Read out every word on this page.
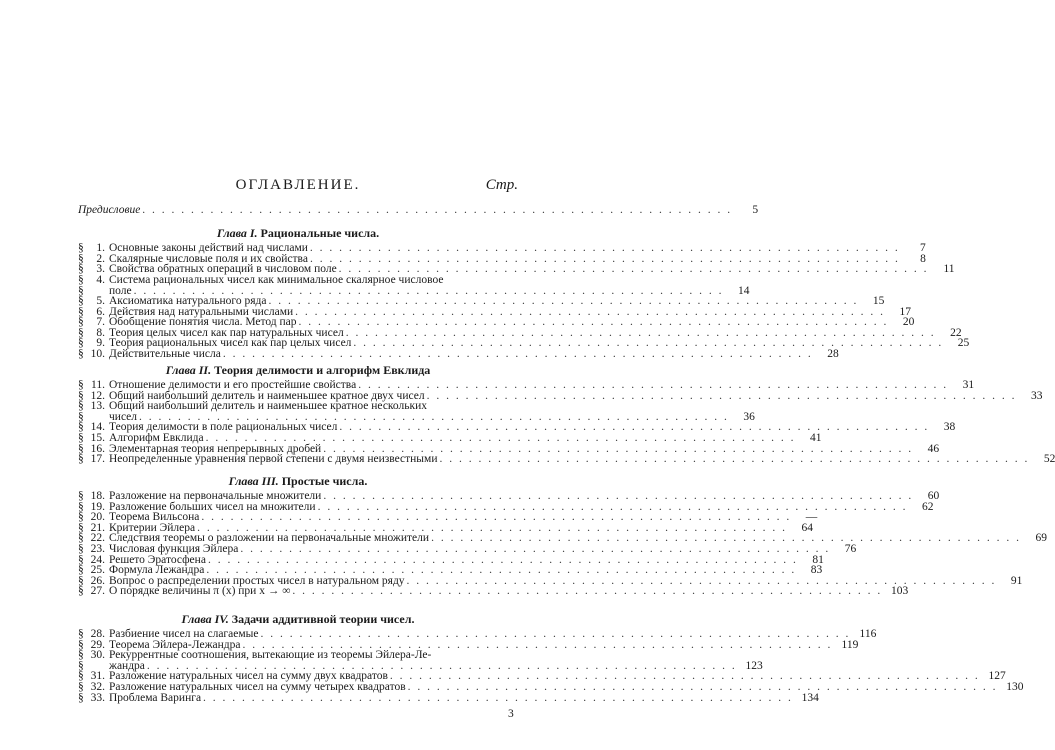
ОГЛАВЛЕНИЕ.	Стр.
Предисловие . . . . . . . . . . . . . . . . . . . . . . . . . . . . . . . . . . . . . . . . . . . . . . . . . . . . . . . . . . . . .	5
Глава I. Рациональные числа.
§	1. Основные законы действий над числами . . . . . . . . . . . . . . . . . . . . . . . . . . . . . . . . . . . . . . . . . . . . . . . . . . . . . . . . . . . . .	7
§	2. Скалярные числовые поля и их свойства . . . . . . . . . . . . . . . . . . . . . . . . . . . . . . . . . . . . . . . . . . . . . . . . . . . . . . . . . . . . .	8
§	3. Свойства обратных операций в числовом поле . . . . . . . . . . . . . . . . . . . . . . . . . . . . . . . . . . . . . . . . . . . . . . . . . . . . . . . . . . . . .	11
§	4. Система рациональных чисел как минимальное скалярное числовое
§ поле . . . . . . . . . . . . . . . . . . . . . . . . . . . . . . . . . . . . . . . . . . . . . . . . . . . . . . . . . . . . .	14
§	5. Аксиоматика натурального ряда . . . . . . . . . . . . . . . . . . . . . . . . . . . . . . . . . . . . . . . . . . . . . . . . . . . . . . . . . . . . .	15
§	6. Действия над натуральными числами . . . . . . . . . . . . . . . . . . . . . . . . . . . . . . . . . . . . . . . . . . . . . . . . . . . . . . . . . . . . .	17
§	7. Обобщение понятия числа. Метод пар . . . . . . . . . . . . . . . . . . . . . . . . . . . . . . . . . . . . . . . . . . . . . . . . . . . . . . . . . . . . .	20
§	8. Теория целых чисел как пар натуральных чисел . . . . . . . . . . . . . . . . . . . . . . . . . . . . . . . . . . . . . . . . . . . . . . . . . . . . . . . . . . . . .	22
§	9. Теория рациональных чисел как пар целых чисел . . . . . . . . . . . . . . . . . . . . . . . . . . . . . . . . . . . . . . . . . . . . . . . . . . . . . . . . . . . . .	25
§ 10. Действительные числа . . . . . . . . . . . . . . . . . . . . . . . . . . . . . . . . . . . . . . . . . . . . . . . . . . . . . . . . . . . . .	28
Глава II. Теория делимости и алгорифм Евклида
§ 11. Отношение делимости и его простейшие свойства . . . . . . . . . . . . . . . . . . . . . . . . . . . . . . . . . . . . . . . . . . . . . . . . . . . . . . . . . . . . .	31
§ 12. Общий наибольший делитель и наименьшее кратное двух чисел . . . . . . . . . . . . . . . . . . . . . . . . . . . . . . . . . . . . . . . . . . . . . . . . . . . . . . . . . . . . .	33
§ 13. Общий наибольший делитель и наименьшее кратное нескольких
§ чисел . . . . . . . . . . . . . . . . . . . . . . . . . . . . . . . . . . . . . . . . . . . . . . . . . . . . . . . . . . . . .	36
§ 14. Теория делимости в поле рациональных чисел . . . . . . . . . . . . . . . . . . . . . . . . . . . . . . . . . . . . . . . . . . . . . . . . . . . . . . . . . . . . .	38
§ 15. Алгорифм Евклида . . . . . . . . . . . . . . . . . . . . . . . . . . . . . . . . . . . . . . . . . . . . . . . . . . . . . . . . . . . . .	41
§ 16. Элементарная теория непрерывных дробей . . . . . . . . . . . . . . . . . . . . . . . . . . . . . . . . . . . . . . . . . . . . . . . . . . . . . . . . . . . . .	46
§ 17. Неопределенные уравнения первой степени с двумя неизвестными . . . . . . . . . . . . . . . . . . . . . . . . . . . . . . . . . . . . . . . . . . . . . . . . . . . . . . . . . . . . .	52
Глава III. Простые числа.
§ 18. Разложение на первоначальные множители . . . . . . . . . . . . . . . . . . . . . . . . . . . . . . . . . . . . . . . . . . . . . . . . . . . . . . . . . . . . .	60
§ 19. Разложение больших чисел на множители . . . . . . . . . . . . . . . . . . . . . . . . . . . . . . . . . . . . . . . . . . . . . . . . . . . . . . . . . . . . .	62
§ 20. Теорема Вильсона . . . . . . . . . . . . . . . . . . . . . . . . . . . . . . . . . . . . . . . . . . . . . . . . . . . . . . . . . . . . .	—
§ 21. Критерии Эйлера . . . . . . . . . . . . . . . . . . . . . . . . . . . . . . . . . . . . . . . . . . . . . . . . . . . . . . . . . . . . .	64
§ 22. Следствия теоремы о разложении на первоначальные множители . . . . . . . . . . . . . . . . . . . . . . . . . . . . . . . . . . . . . . . . . . . . . . . . . . . . . . . . . . . . .	69
§ 23. Числовая функция Эйлера . . . . . . . . . . . . . . . . . . . . . . . . . . . . . . . . . . . . . . . . . . . . . . . . . . . . . . . . . . . . .	76
§ 24. Решето Эратосфена . . . . . . . . . . . . . . . . . . . . . . . . . . . . . . . . . . . . . . . . . . . . . . . . . . . . . . . . . . . . .	81
§ 25. Формула Лежандра . . . . . . . . . . . . . . . . . . . . . . . . . . . . . . . . . . . . . . . . . . . . . . . . . . . . . . . . . . . . .	83
§ 26. Вопрос о распределении простых чисел в натуральном ряду . . . . . . . . . . . . . . . . . . . . . . . . . . . . . . . . . . . . . . . . . . . . . . . . . . . . . . . . . . . . .	91
§ 27. О порядке величины π (x) при x → ∞ . . . . . . . . . . . . . . . . . . . . . . . . . . . . . . . . . . . . . . . . . . . . . . . . . . . . . . . . . . . . . 103
Глава IV. Задачи аддитивной теории чисел.
§ 28. Разбиение чисел на слагаемые . . . . . . . . . . . . . . . . . . . . . . . . . . . . . . . . . . . . . . . . . . . . . . . . . . . . . . . . . . . . . 116
§ 29. Теорема Эйлера-Лежандра . . . . . . . . . . . . . . . . . . . . . . . . . . . . . . . . . . . . . . . . . . . . . . . . . . . . . . . . . . . . . 119
§ 30. Рекуррентные соотношения, вытекающие из теоремы Эйлера-Ле-
§ жандра . . . . . . . . . . . . . . . . . . . . . . . . . . . . . . . . . . . . . . . . . . . . . . . . . . . . . . . . . . . . . 123
§ 31. Разложение натуральных чисел на сумму двух квадратов . . . . . . . . . . . . . . . . . . . . . . . . . . . . . . . . . . . . . . . . . . . . . . . . . . . . . . . . . . . . . 127
§ 32. Разложение натуральных чисел на сумму четырех квадратов . . . . . . . . . . . . . . . . . . . . . . . . . . . . . . . . . . . . . . . . . . . . . . . . . . . . . . . . . . . . . 130
§ 33. Проблема Варинга . . . . . . . . . . . . . . . . . . . . . . . . . . . . . . . . . . . . . . . . . . . . . . . . . . . . . . . . . . . . . 134
3
